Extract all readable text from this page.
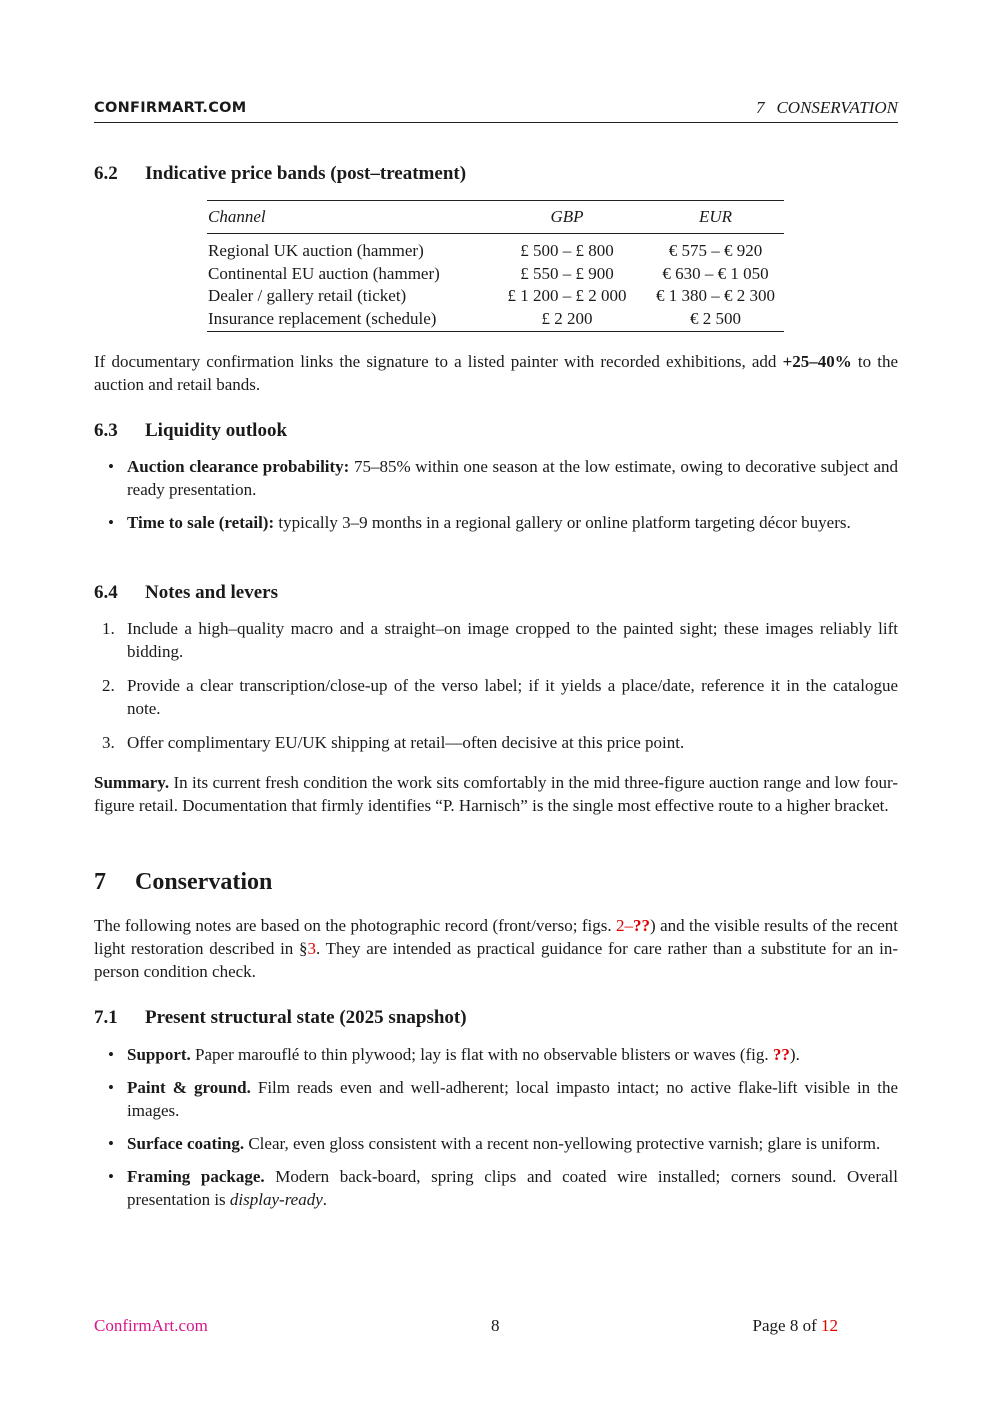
CONFIRMART.COM	7 CONSERVATION
6.2 Indicative price bands (post–treatment)
Channel	GBP	EUR
Regional UK auction (hammer)	£ 500 – £ 800	€ 575 – € 920
Continental EU auction (hammer)	£ 550 – £ 900	€ 630 – € 1 050
Dealer / gallery retail (ticket)	£ 1 200 – £ 2 000	€ 1 380 – € 2 300
Insurance replacement (schedule)	£ 2 200	€ 2 500

If documentary confirmation links the signature to a listed painter with recorded exhibitions, add +25–40% to the auction and retail bands.

6.3 Liquidity outlook
• Auction clearance probability: 75–85% within one season at the low estimate, owing to decorative subject and ready presentation.
• Time to sale (retail): typically 3–9 months in a regional gallery or online platform targeting décor buyers.
6.4 Notes and levers
1. Include a high–quality macro and a straight–on image cropped to the painted sight; these images reliably lift bidding.
2. Provide a clear transcription/close-up of the verso label; if it yields a place/date, reference it in the catalogue note.
3. Offer complimentary EU/UK shipping at retail—often decisive at this price point.

Summary. In its current fresh condition the work sits comfortably in the mid three-figure auction range and low four-figure retail. Documentation that firmly identifies “P. Harnisch” is the single most effective route to a higher bracket.

7 Conservation

The following notes are based on the photographic record (front/verso; figs. 2–??) and the visible results of the recent light restoration described in §3. They are intended as practical guidance for care rather than a substitute for an in-person condition check.

7.1 Present structural state (2025 snapshot)
• Support. Paper marouflé to thin plywood; lay is flat with no observable blisters or waves (fig. ??).
• Paint & ground. Film reads even and well-adherent; local impasto intact; no active flake-lift visible in the images.
• Surface coating. Clear, even gloss consistent with a recent non-yellowing protective varnish; glare is uniform.
• Framing package. Modern back-board, spring clips and coated wire installed; corners sound. Overall presentation is display-ready.
ConfirmArt.com	8	Page 8 of 12
